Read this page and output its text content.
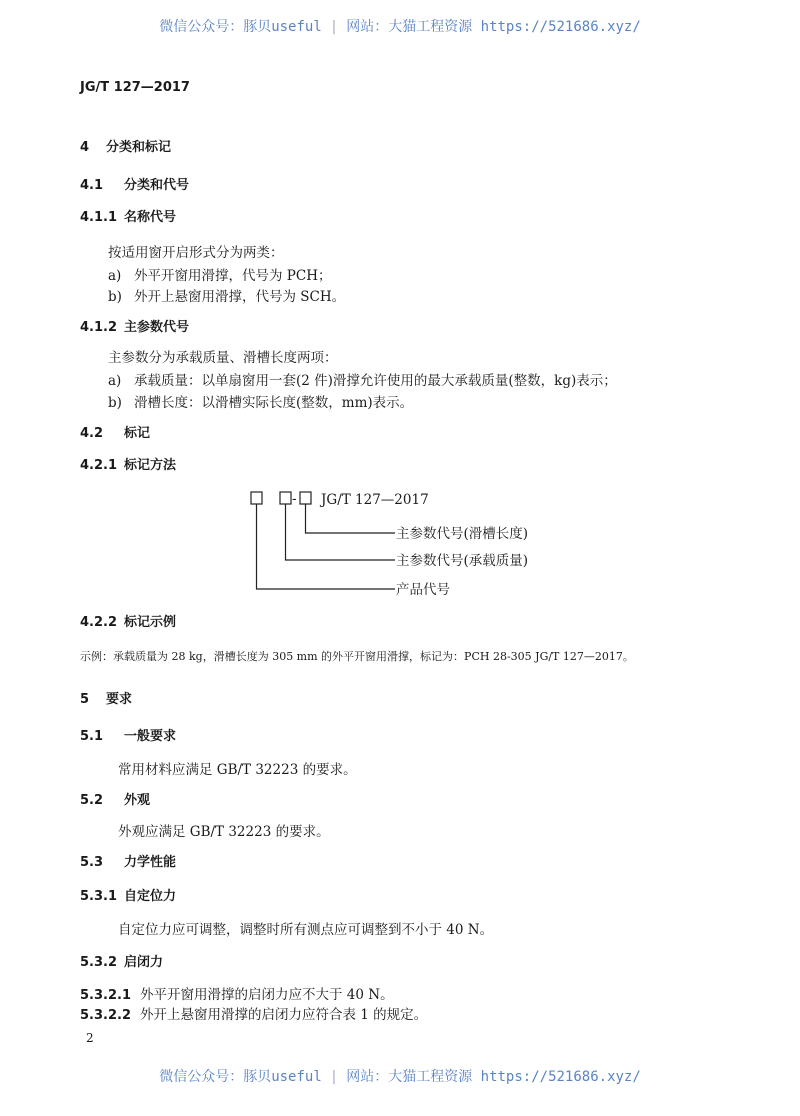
微信公众号：豚贝useful | 网站：大猫工程资源 https://521686.xyz/
JG/T 127—2017
4 分类和标记
4.1 分类和代号
4.1.1 名称代号
按适用窗开启形式分为两类：
a) 外平开窗用滑撑，代号为 PCH；
b) 外开上悬窗用滑撑，代号为 SCH。
4.1.2 主参数代号
主参数分为承载质量、滑槽长度两项：
a) 承载质量：以单扇窗用一套(2 件)滑撑允许使用的最大承载质量(整数，kg)表示；
b) 滑槽长度：以滑槽实际长度(整数，mm)表示。
4.2 标记
4.2.1 标记方法
- JG/T 127—2017
主参数代号(滑槽长度)
主参数代号(承载质量)
产品代号
4.2.2 标记示例
示例：承载质量为 28 kg，滑槽长度为 305 mm 的外平开窗用滑撑，标记为：PCH 28-305 JG/T 127—2017。
5 要求
5.1 一般要求
常用材料应满足 GB/T 32223 的要求。
5.2 外观
外观应满足 GB/T 32223 的要求。
5.3 力学性能
5.3.1 自定位力
自定位力应可调整，调整时所有测点应可调整到不小于 40 N。
5.3.2 启闭力
5.3.2.1 外平开窗用滑撑的启闭力应不大于 40 N。
5.3.2.2 外开上悬窗用滑撑的启闭力应符合表 1 的规定。
2
微信公众号：豚贝useful | 网站：大猫工程资源 https://521686.xyz/
